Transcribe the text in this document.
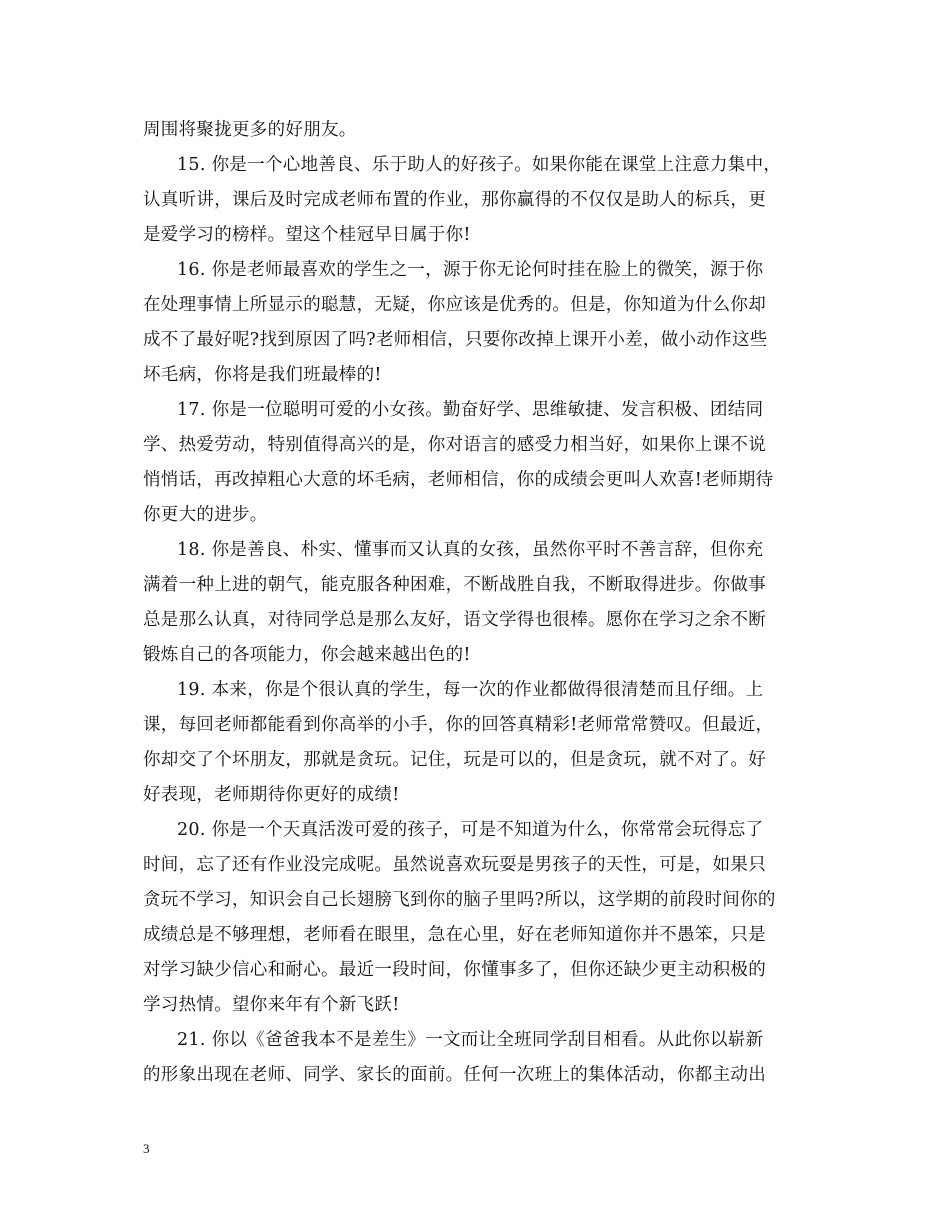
周围将聚拢更多的好朋友。
15. 你是一个心地善良、乐于助人的好孩子。如果你能在课堂上注意力集中，
认真听讲，课后及时完成老师布置的作业，那你赢得的不仅仅是助人的标兵，更
是爱学习的榜样。望这个桂冠早日属于你!
16. 你是老师最喜欢的学生之一，源于你无论何时挂在脸上的微笑，源于你
在处理事情上所显示的聪慧，无疑，你应该是优秀的。但是，你知道为什么你却
成不了最好呢?找到原因了吗?老师相信，只要你改掉上课开小差，做小动作这些
坏毛病，你将是我们班最棒的!
17. 你是一位聪明可爱的小女孩。勤奋好学、思维敏捷、发言积极、团结同
学、热爱劳动，特别值得高兴的是，你对语言的感受力相当好，如果你上课不说
悄悄话，再改掉粗心大意的坏毛病，老师相信，你的成绩会更叫人欢喜!老师期待
你更大的进步。
18. 你是善良、朴实、懂事而又认真的女孩，虽然你平时不善言辞，但你充
满着一种上进的朝气，能克服各种困难，不断战胜自我，不断取得进步。你做事
总是那么认真，对待同学总是那么友好，语文学得也很棒。愿你在学习之余不断
锻炼自己的各项能力，你会越来越出色的!
19. 本来，你是个很认真的学生，每一次的作业都做得很清楚而且仔细。上
课，每回老师都能看到你高举的小手，你的回答真精彩!老师常常赞叹。但最近，
你却交了个坏朋友，那就是贪玩。记住，玩是可以的，但是贪玩，就不对了。好
好表现，老师期待你更好的成绩!
20. 你是一个天真活泼可爱的孩子，可是不知道为什么，你常常会玩得忘了
时间，忘了还有作业没完成呢。虽然说喜欢玩耍是男孩子的天性，可是，如果只
贪玩不学习，知识会自己长翅膀飞到你的脑子里吗?所以，这学期的前段时间你的
成绩总是不够理想，老师看在眼里，急在心里，好在老师知道你并不愚笨，只是
对学习缺少信心和耐心。最近一段时间，你懂事多了，但你还缺少更主动积极的
学习热情。望你来年有个新飞跃!
21. 你以《爸爸我本不是差生》一文而让全班同学刮目相看。从此你以崭新
的形象出现在老师、同学、家长的面前。任何一次班上的集体活动，你都主动出
3
